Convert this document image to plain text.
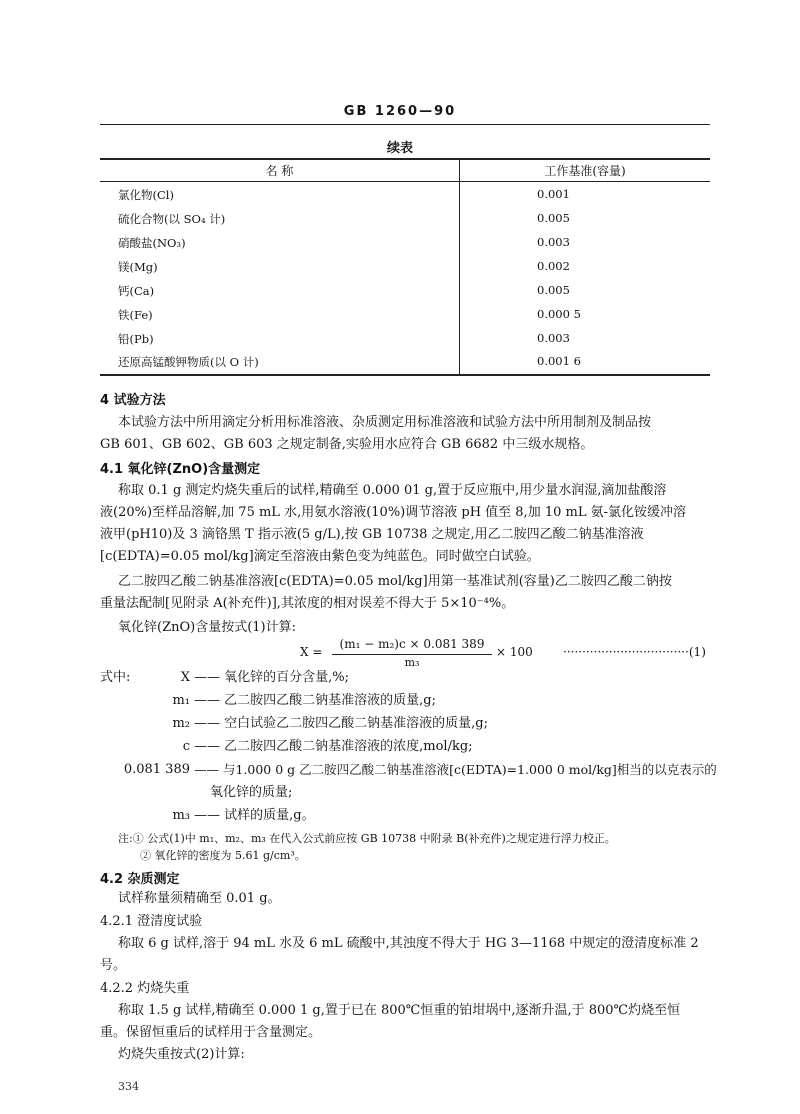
GB 1260—90
续表
名 称	工作基准(容量)
氯化物(Cl)	0.001
硫化合物(以 SO₄ 计)	0.005
硝酸盐(NO₃)	0.003
镁(Mg)	0.002
钙(Ca)	0.005
铁(Fe)	0.000 5
铅(Pb)	0.003
还原高锰酸钾物质(以 O 计)	0.001 6
4 试验方法
本试验方法中所用滴定分析用标准溶液、杂质测定用标准溶液和试验方法中所用制剂及制品按
GB 601、GB 602、GB 603 之规定制备,实验用水应符合 GB 6682 中三级水规格。
4.1 氧化锌(ZnO)含量测定
称取 0.1 g 测定灼烧失重后的试样,精确至 0.000 01 g,置于反应瓶中,用少量水润湿,滴加盐酸溶
液(20%)至样品溶解,加 75 mL 水,用氨水溶液(10%)调节溶液 pH 值至 8,加 10 mL 氨-氯化铵缓冲溶
液甲(pH10)及 3 滴铬黑 T 指示液(5 g/L),按 GB 10738 之规定,用乙二胺四乙酸二钠基准溶液
[c(EDTA)=0.05 mol/kg]滴定至溶液由紫色变为纯蓝色。同时做空白试验。
乙二胺四乙酸二钠基准溶液[c(EDTA)=0.05 mol/kg]用第一基准试剂(容量)乙二胺四乙酸二钠按
重量法配制[见附录 A(补充件)],其浓度的相对误差不得大于 5×10⁻⁴%。
氧化锌(ZnO)含量按式(1)计算:
X =
(m₁ − m₂)c × 0.081 389
m₃
× 100	·································(1)
式中:	X —— 氧化锌的百分含量,%;
m₁ —— 乙二胺四乙酸二钠基准溶液的质量,g;
m₂ —— 空白试验乙二胺四乙酸二钠基准溶液的质量,g;
c —— 乙二胺四乙酸二钠基准溶液的浓度,mol/kg;
0.081 389 —— 与1.000 0 g 乙二胺四乙酸二钠基准溶液[c(EDTA)=1.000 0 mol/kg]相当的以克表示的
氧化锌的质量;
m₃ —— 试样的质量,g。
注:① 公式(1)中 m₁、m₂、m₃ 在代入公式前应按 GB 10738 中附录 B(补充件)之规定进行浮力校正。
② 氧化锌的密度为 5.61 g/cm³。
4.2 杂质测定
试样称量须精确至 0.01 g。
4.2.1 澄清度试验
称取 6 g 试样,溶于 94 mL 水及 6 mL 硫酸中,其浊度不得大于 HG 3—1168 中规定的澄清度标准 2
号。
4.2.2 灼烧失重
称取 1.5 g 试样,精确至 0.000 1 g,置于已在 800℃恒重的铂坩埚中,逐渐升温,于 800℃灼烧至恒
重。保留恒重后的试样用于含量测定。
灼烧失重按式(2)计算:
334
